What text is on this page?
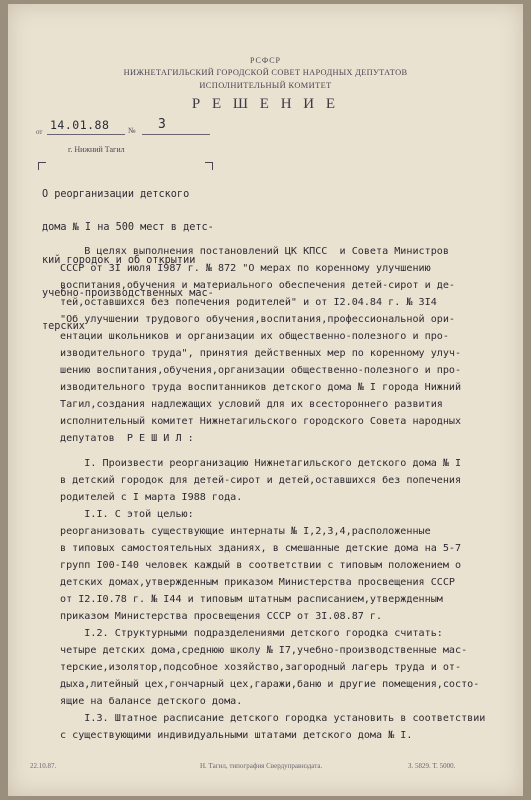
РСФСР
НИЖНЕТАГИЛЬСКИЙ ГОРОДСКОЙ СОВЕТ НАРОДНЫХ ДЕПУТАТОВ
ИСПОЛНИТЕЛЬНЫЙ КОМИТЕТ
Р Е Ш Е Н И Е
от 14.01.88 № 3
г. Нижний Тагил

О реорганизации детского

дома № I на 500 мест в детс-

кий городок и об открытии

учебно-производственных мас-

терских

В целях выполнения постановлений ЦК КПСС  и Совета Министров
СССР от 3I июля I987 г. № 872 "О мерах по коренному улучшению
воспитания,обучения и материального обеспечения детей-сирот и де-
тей,оставшихся без попечения родителей" и от I2.04.84 г. № 3I4
"Об улучшении трудового обучения,воспитания,профессиональной ори-
ентации школьников и организации их общественно-полезного и про-
изводительного труда", принятия действенных мер по коренному улуч-
шению воспитания,обучения,организации общественно-полезного и про-
изводительного труда воспитанников детского дома № I города Нижний
Тагил,создания надлежащих условий для их всестороннего развития
исполнительный комитет Нижнетагильского городского Совета народных
депутатов  Р Е Ш И Л :
I. Произвести реорганизацию Нижнетагильского детского дома № I
в детский городок для детей-сирот и детей,оставшихся без попечения
родителей с I марта I988 года.
I.I. С этой целью:
реорганизовать существующие интернаты № I,2,3,4,расположенные
в типовых самостоятельных зданиях, в смешанные детские дома на 5-7
групп I00-I40 человек каждый в соответствии с типовым положением о
детских домах,утвержденным приказом Министерства просвещения СССР
от I2.I0.78 г. № I44 и типовым штатным расписанием,утвержденным
приказом Министерства просвещения СССР от 3I.08.87 г.
I.2. Структурными подразделениями детского городка считать:
четыре детских дома,среднюю школу № I7,учебно-производственные мас-
терские,изолятор,подсобное хозяйство,загородный лагерь труда и от-
дыха,литейный цех,гончарный цех,гаражи,баню и другие помещения,состо-
ящие на балансе детского дома.
I.3. Штатное расписание детского городка установить в соответствии
с существующими индивидуальными штатами детского дома № I.
22.10.87.	Н. Тагил, типография Свердуправиздата.	З. 5829. Т. 5000.
